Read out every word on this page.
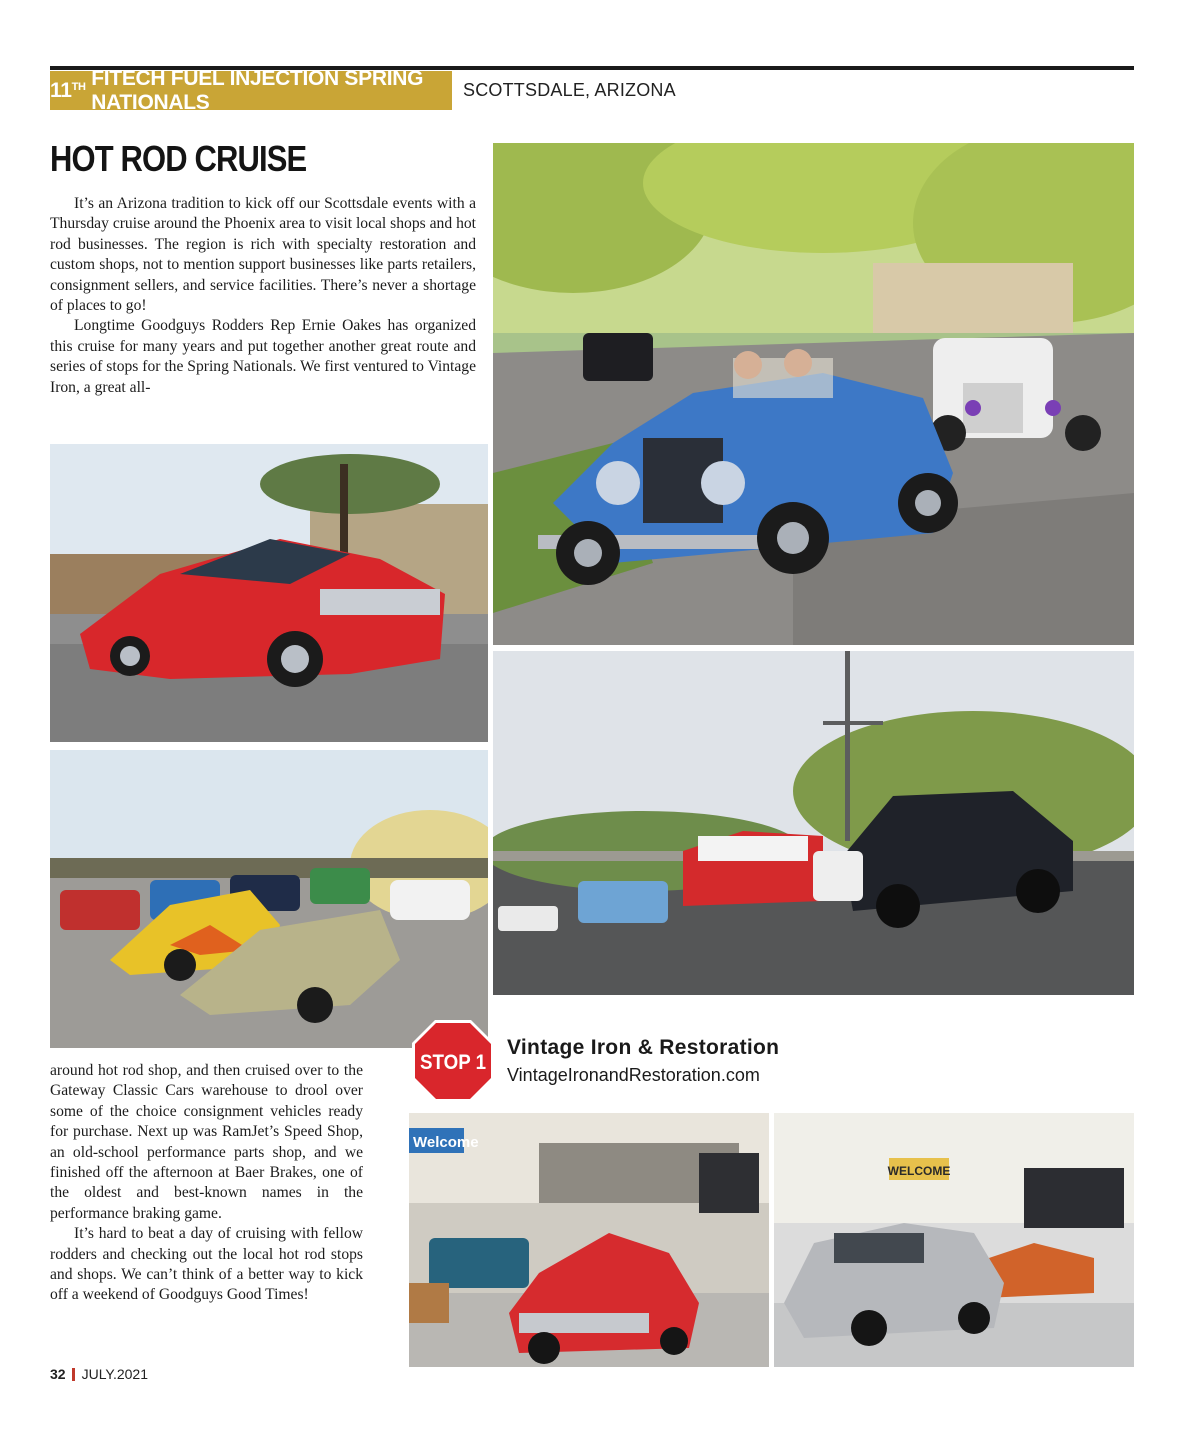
11TH
FITECH FUEL INJECTION SPRING NATIONALS
SCOTTSDALE, ARIZONA
HOT ROD CRUISE

It’s an Arizona tradition to kick off our Scottsdale events with a Thursday cruise around the Phoenix area to visit local shops and hot rod businesses. The region is rich with specialty restoration and custom shops, not to mention support businesses like parts retailers, consignment sellers, and service facilities. There’s never a shortage of places to go!

Longtime Goodguys Rodders Rep Ernie Oakes has organized this cruise for many years and put together another great route and series of stops for the Spring Nationals. We first ventured to Vintage Iron, a great all-

STOP 1
Vintage Iron & Restoration
VintageIronandRestoration.com
Welcome
WELCOME

around hot rod shop, and then cruised over to the Gateway Classic Cars warehouse to drool over some of the choice consignment vehicles ready for purchase. Next up was RamJet’s Speed Shop, an old-school performance parts shop, and we finished off the afternoon at Baer Brakes, one of the oldest and best-known names in the performance braking game.

It’s hard to beat a day of cruising with fellow rodders and checking out the local hot rod stops and shops. We can’t think of a better way to kick off a weekend of Goodguys Good Times!

32 JULY.2021
